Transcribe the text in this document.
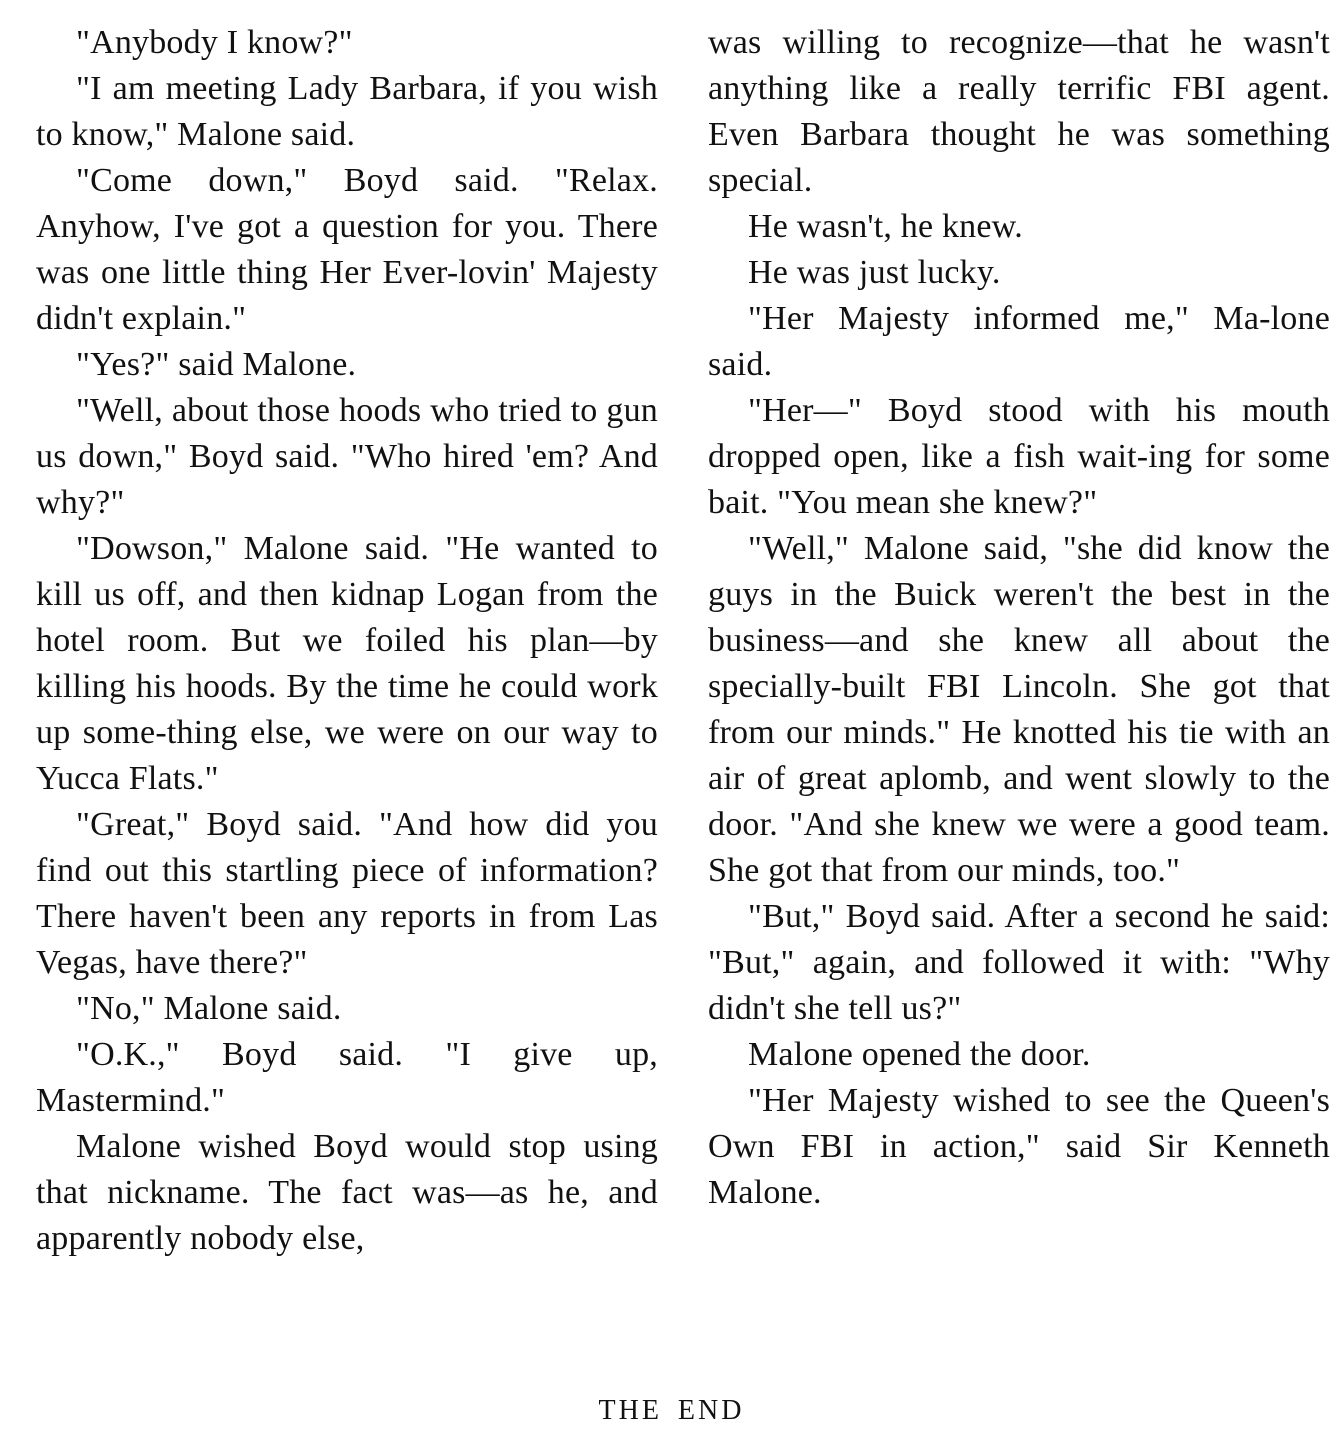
"Anybody I know?"

"I am meeting Lady Barbara, if you wish to know," Malone said.

"Come down," Boyd said. "Relax. Anyhow, I've got a question for you. There was one little thing Her Ever-lovin' Majesty didn't explain."

"Yes?" said Malone.

"Well, about those hoods who tried to gun us down," Boyd said. "Who hired 'em? And why?"

"Dowson," Malone said. "He wanted to kill us off, and then kidnap Logan from the hotel room. But we foiled his plan—by killing his hoods. By the time he could work up some-thing else, we were on our way to Yucca Flats."

"Great," Boyd said. "And how did you find out this startling piece of information? There haven't been any reports in from Las Vegas, have there?"

"No," Malone said.

"O.K.," Boyd said. "I give up, Mastermind."

Malone wished Boyd would stop using that nickname. The fact was—as he, and apparently nobody else,

was willing to recognize—that he wasn't anything like a really terrific FBI agent. Even Barbara thought he was something special.

He wasn't, he knew.

He was just lucky.

"Her Majesty informed me," Ma-lone said.

"Her—" Boyd stood with his mouth dropped open, like a fish wait-ing for some bait. "You mean she knew?"

"Well," Malone said, "she did know the guys in the Buick weren't the best in the business—and she knew all about the specially-built FBI Lincoln. She got that from our minds." He knotted his tie with an air of great aplomb, and went slowly to the door. "And she knew we were a good team. She got that from our minds, too."

"But," Boyd said. After a second he said: "But," again, and followed it with: "Why didn't she tell us?"

Malone opened the door.

"Her Majesty wished to see the Queen's Own FBI in action," said Sir Kenneth Malone.

THE END
